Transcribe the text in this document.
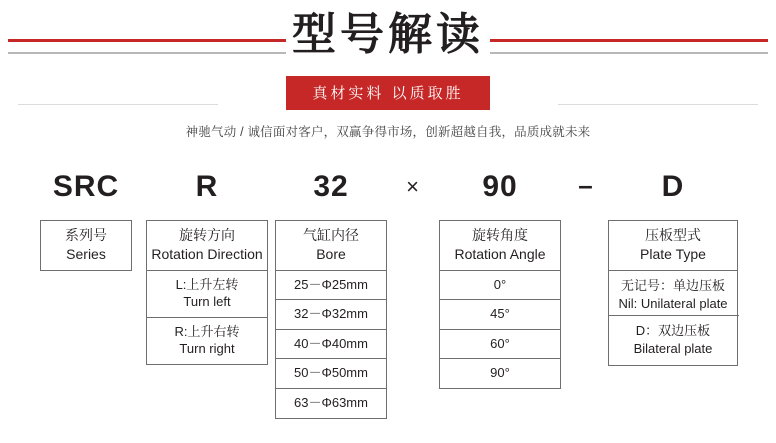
型号解读
真材实料 以质取胜
神驰气动 / 诚信面对客户，双赢争得市场，创新超越自我，品质成就未来
SRC	R	32	×	90	–	D
系列号
Series
旋转方向
Rotation Direction
L:上升左转
Turn left
R:上升右转
Turn right
气缸内径
Bore
25－Φ25mm
32－Φ32mm
40－Φ40mm
50－Φ50mm
63－Φ63mm
旋转角度
Rotation Angle
0°
45°
60°
90°
压板型式
Plate Type
无记号：单边压板
Nil: Unilateral plate
D：双边压板
Bilateral plate
